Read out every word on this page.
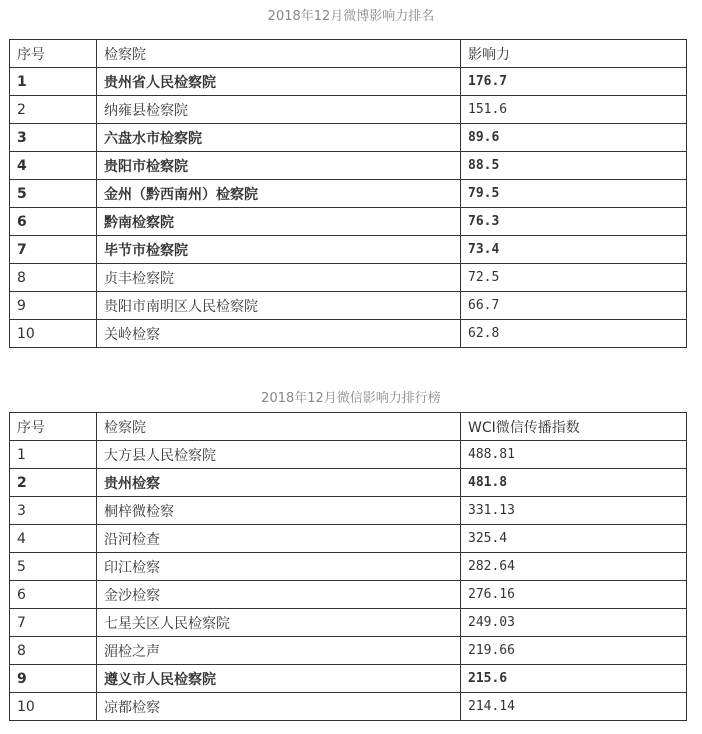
2018年12月微博影响力排名
序号	检察院	影响力
1	贵州省人民检察院	176.7
2	纳雍县检察院	151.6
3	六盘水市检察院	89.6
4	贵阳市检察院	88.5
5	金州（黔西南州）检察院	79.5
6	黔南检察院	76.3
7	毕节市检察院	73.4
8	贞丰检察院	72.5
9	贵阳市南明区人民检察院	66.7
10	关岭检察	62.8
2018年12月微信影响力排行榜
序号	检察院	WCI微信传播指数
1	大方县人民检察院	488.81
2	贵州检察	481.8
3	桐梓微检察	331.13
4	沿河检查	325.4
5	印江检察	282.64
6	金沙检察	276.16
7	七星关区人民检察院	249.03
8	湄检之声	219.66
9	遵义市人民检察院	215.6
10	凉都检察	214.14
